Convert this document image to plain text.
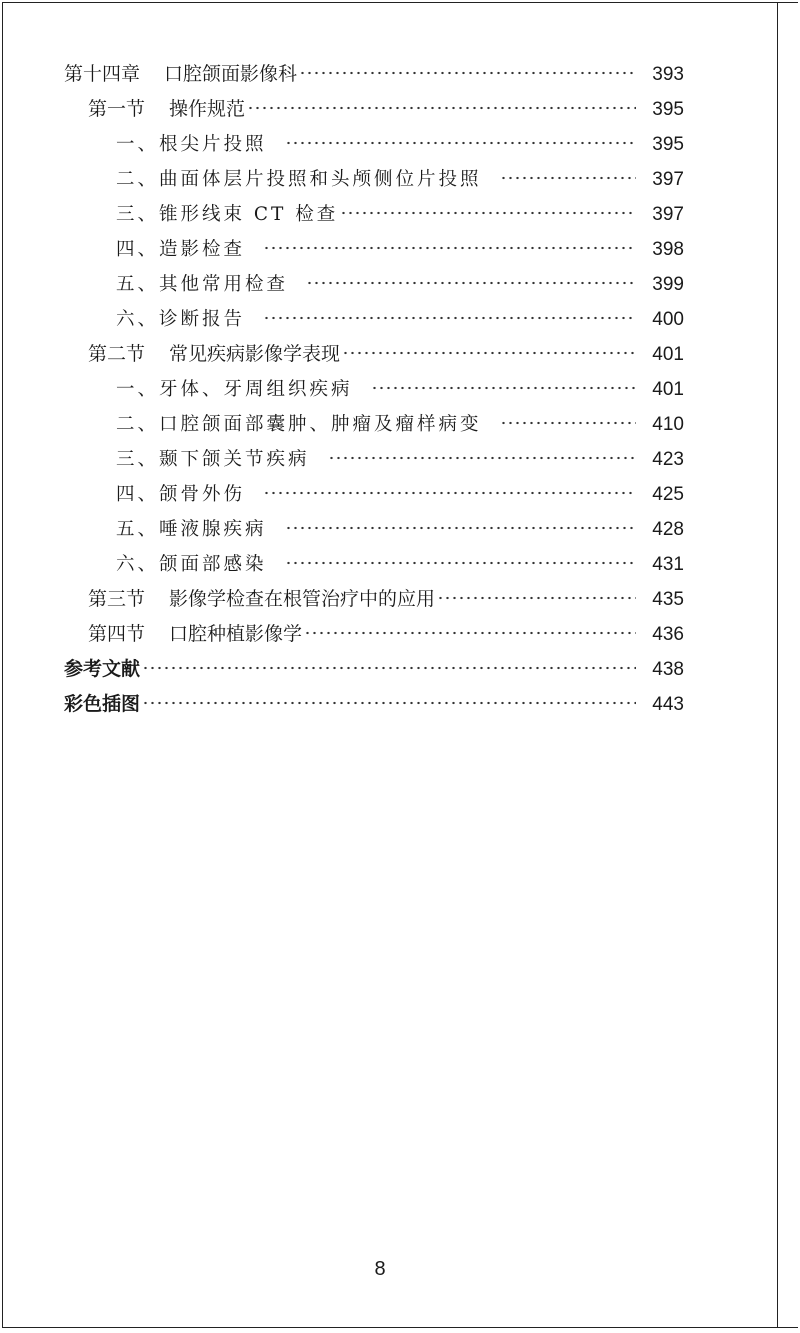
第十四章 口腔颌面影像科	393
第一节 操作规范	395
一、根尖片投照	395
二、曲面体层片投照和头颅侧位片投照	397
三、锥形线束 CT 检查	397
四、造影检查	398
五、其他常用检查	399
六、诊断报告	400
第二节 常见疾病影像学表现	401
一、牙体、牙周组织疾病	401
二、口腔颌面部囊肿、肿瘤及瘤样病变	410
三、颞下颌关节疾病	423
四、颌骨外伤	425
五、唾液腺疾病	428
六、颌面部感染	431
第三节 影像学检查在根管治疗中的应用	435
第四节 口腔种植影像学	436
参考文献	438
彩色插图	443
8
